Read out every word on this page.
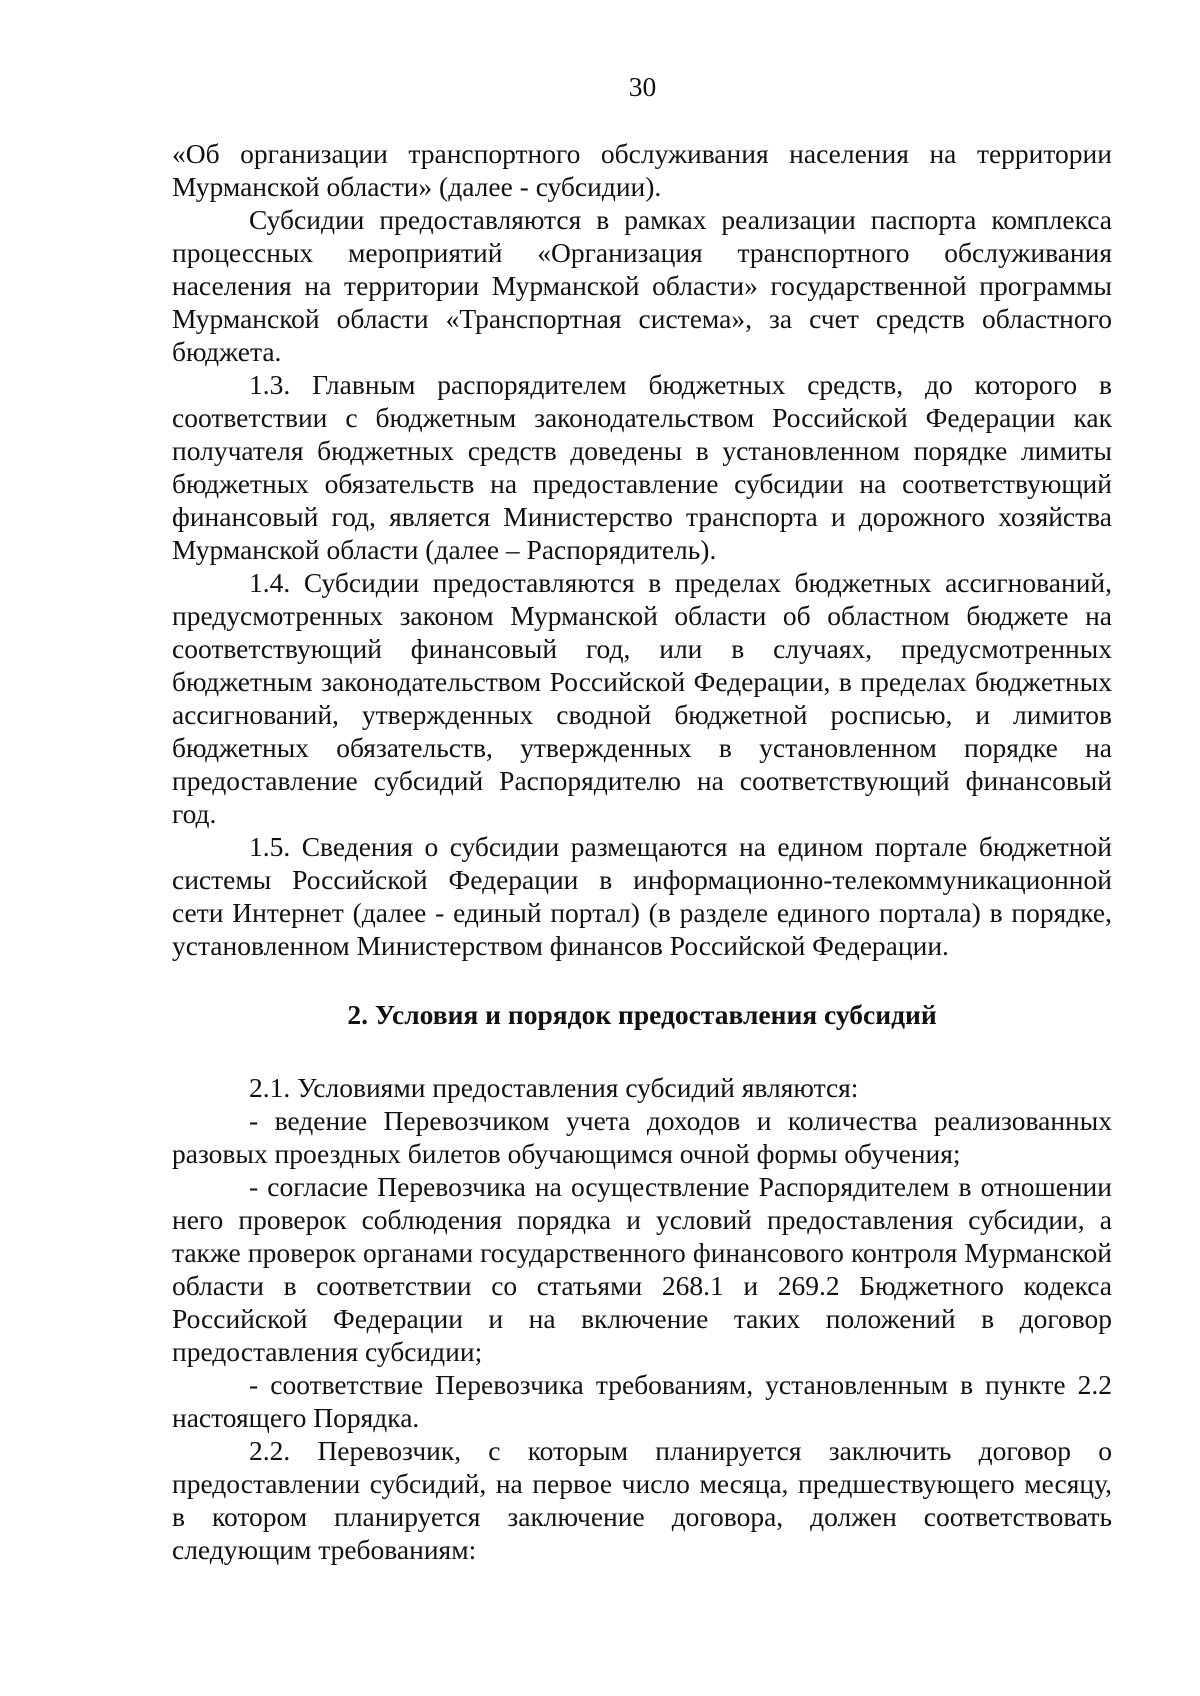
30

«Об организации транспортного обслуживания населения на территории Мурманской области» (далее - субсидии).

Субсидии предоставляются в рамках реализации паспорта комплекса процессных мероприятий «Организация транспортного обслуживания населения на территории Мурманской области» государственной программы Мурманской области «Транспортная система», за счет средств областного бюджета.

1.3. Главным распорядителем бюджетных средств, до которого в соответствии с бюджетным законодательством Российской Федерации как получателя бюджетных средств доведены в установленном порядке лимиты бюджетных обязательств на предоставление субсидии на соответствующий финансовый год, является Министерство транспорта и дорожного хозяйства Мурманской области (далее – Распорядитель).

1.4. Субсидии предоставляются в пределах бюджетных ассигнований, предусмотренных законом Мурманской области об областном бюджете на соответствующий финансовый год, или в случаях, предусмотренных бюджетным законодательством Российской Федерации, в пределах бюджетных ассигнований, утвержденных сводной бюджетной росписью, и лимитов бюджетных обязательств, утвержденных в установленном порядке на предоставление субсидий Распорядителю на соответствующий финансовый год.

1.5. Сведения о субсидии размещаются на едином портале бюджетной системы Российской Федерации в информационно-телекоммуникационной сети Интернет (далее - единый портал) (в разделе единого портала) в порядке, установленном Министерством финансов Российской Федерации.

2. Условия и порядок предоставления субсидий

2.1. Условиями предоставления субсидий являются:

- ведение Перевозчиком учета доходов и количества реализованных разовых проездных билетов обучающимся очной формы обучения;

- согласие Перевозчика на осуществление Распорядителем в отношении него проверок соблюдения порядка и условий предоставления субсидии, а также проверок органами государственного финансового контроля Мурманской области в соответствии со статьями 268.1 и 269.2 Бюджетного кодекса Российской Федерации и на включение таких положений в договор предоставления субсидии;

- соответствие Перевозчика требованиям, установленным в пункте 2.2 настоящего Порядка.

2.2. Перевозчик, с которым планируется заключить договор о предоставлении субсидий, на первое число месяца, предшествующего месяцу, в котором планируется заключение договора, должен соответствовать следующим требованиям:
